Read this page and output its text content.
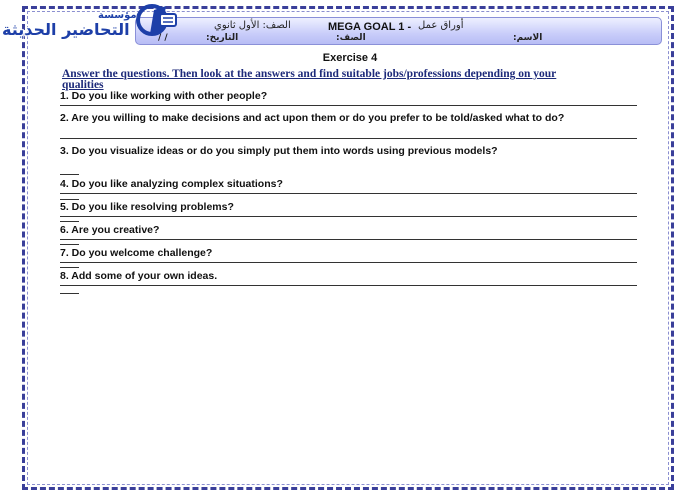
أوراق عمل
MEGA GOAL 1 -
الصف: الأول ثانوي
الاسم:
الصف:
التاريخ:
/ /
مؤسسة
التحاضير الحديثة
Exercise 4
Answer the questions. Then look at the answers and find suitable jobs/professions depending on your qualities
1. Do you like working with other people?
2. Are you willing to make decisions and act upon them or do you prefer to be told/asked what to do?
3. Do you visualize ideas or do you simply put them into words using previous models?
4. Do you like analyzing complex situations?
5. Do you like resolving problems?
6. Are you creative?
7. Do you welcome challenge?
8. Add some of your own ideas.
